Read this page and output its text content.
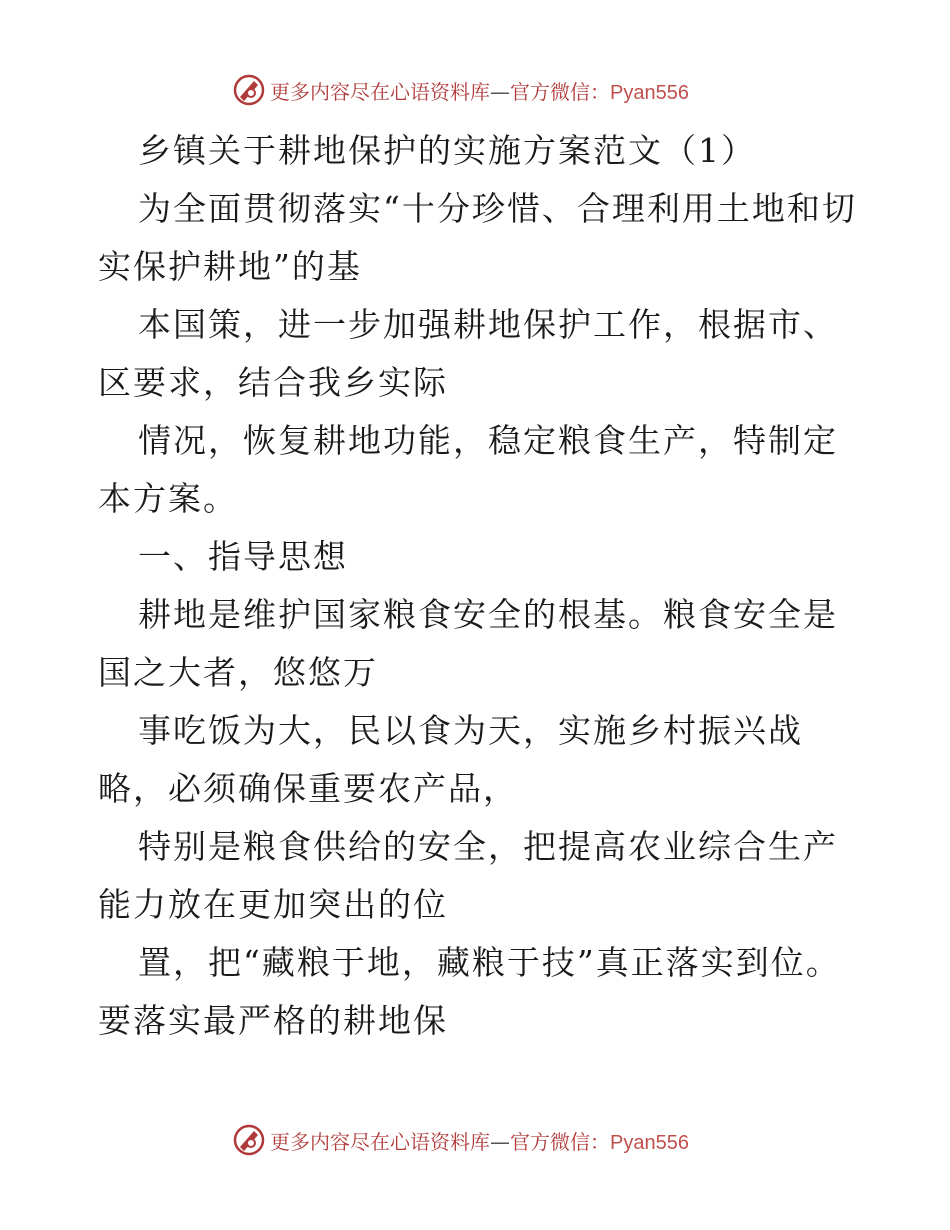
更多内容尽在心语资料库—官方微信：Pyan556

乡镇关于耕地保护的实施方案范文（1）

为全面贯彻落实“十分珍惜、合理利用土地和切实保护耕地”的基

本国策，进一步加强耕地保护工作，根据市、区要求，结合我乡实际

情况，恢复耕地功能，稳定粮食生产，特制定本方案。

一、指导思想

耕地是维护国家粮食安全的根基。粮食安全是国之大者，悠悠万

事吃饭为大，民以食为天，实施乡村振兴战略，必须确保重要农产品，

特别是粮食供给的安全，把提高农业综合生产能力放在更加突出的位

置，把“藏粮于地，藏粮于技”真正落实到位。要落实最严格的耕地保

更多内容尽在心语资料库—官方微信：Pyan556
